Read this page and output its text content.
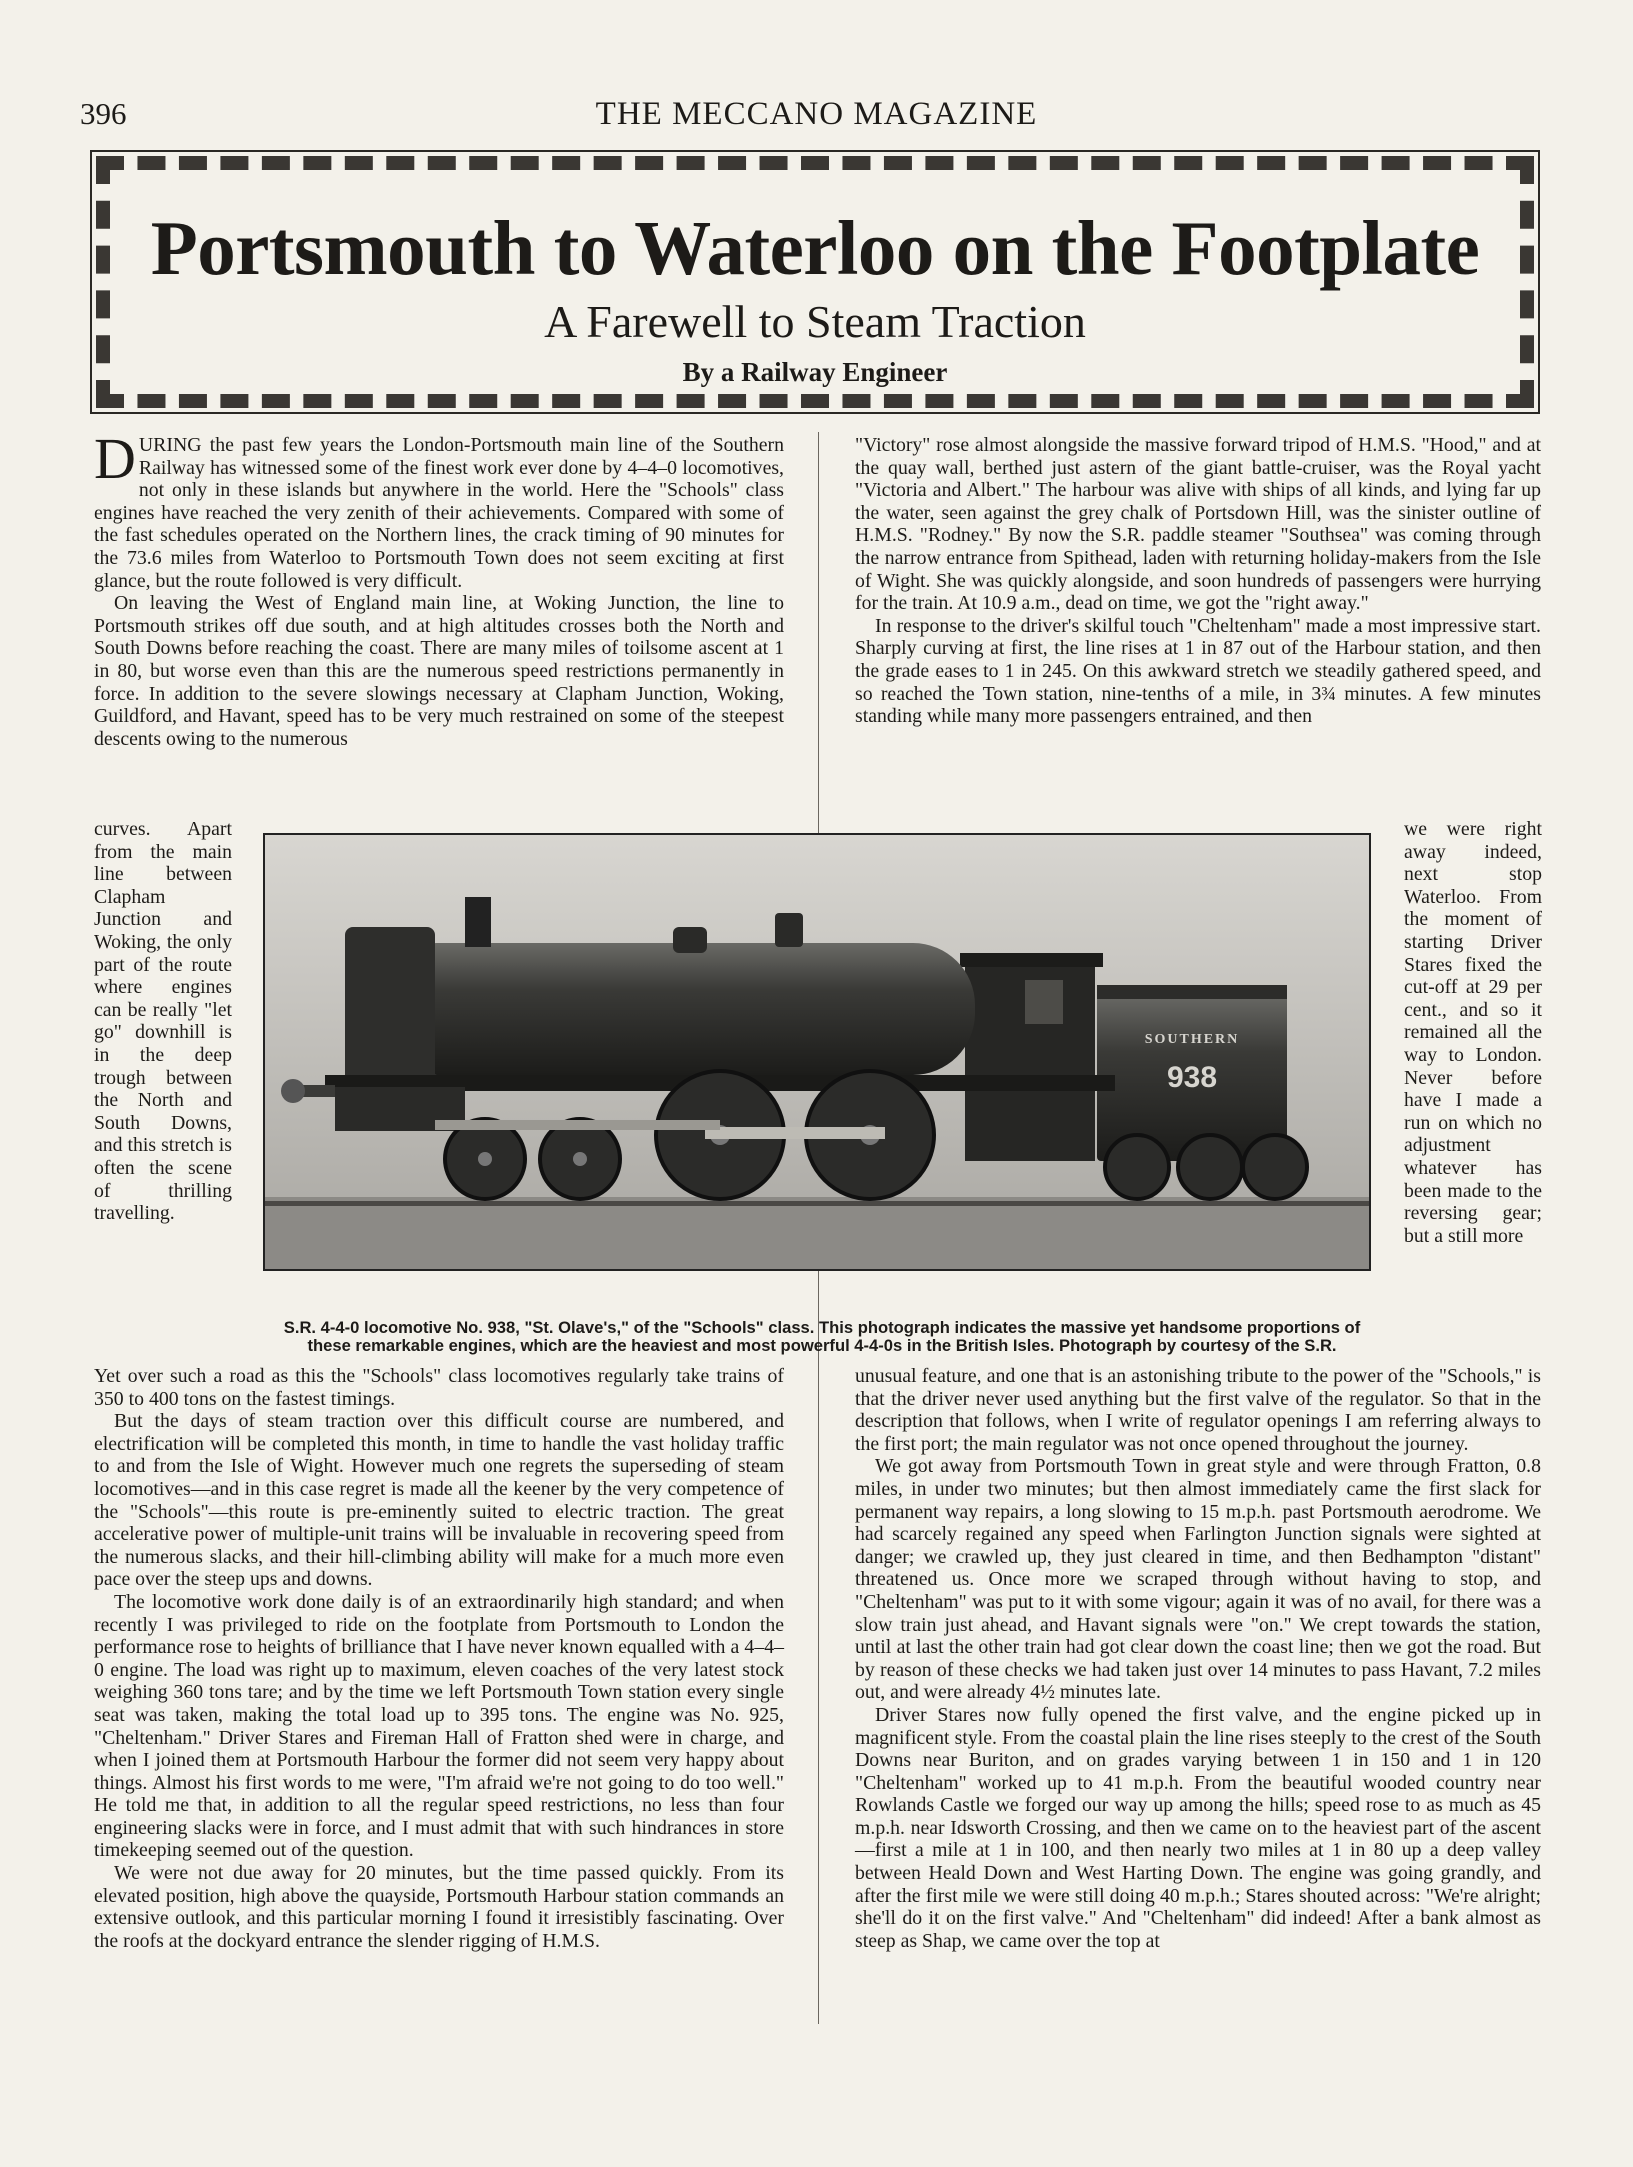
396	THE MECCANO MAGAZINE
Portsmouth to Waterloo on the Footplate
A Farewell to Steam Traction
By a Railway Engineer

DURING the past few years the London-Portsmouth main line of the Southern Railway has witnessed some of the finest work ever done by 4–4–0 locomotives, not only in these islands but anywhere in the world. Here the "Schools" class engines have reached the very zenith of their achievements. Compared with some of the fast schedules operated on the Northern lines, the crack timing of 90 minutes for the 73.6 miles from Waterloo to Portsmouth Town does not seem exciting at first glance, but the route followed is very difficult.

On leaving the West of England main line, at Woking Junction, the line to Portsmouth strikes off due south, and at high altitudes crosses both the North and South Downs before reaching the coast. There are many miles of toilsome ascent at 1 in 80, but worse even than this are the numerous speed restrictions permanently in force. In addition to the severe slowings necessary at Clapham Junction, Woking, Guildford, and Havant, speed has to be very much restrained on some of the steepest descents owing to the numerous

curves. Apart from the main line between Clapham Junction and Woking, the only part of the route where engines can be really "let go" downhill is in the deep trough between the North and South Downs, and this stretch is often the scene of thrilling travelling.

Yet over such a road as this the "Schools" class locomotives regularly take trains of 350 to 400 tons on the fastest timings.

But the days of steam traction over this difficult course are numbered, and electrification will be completed this month, in time to handle the vast holiday traffic to and from the Isle of Wight. However much one regrets the superseding of steam locomotives—and in this case regret is made all the keener by the very competence of the "Schools"—this route is pre-eminently suited to electric traction. The great accelerative power of multiple-unit trains will be invaluable in recovering speed from the numerous slacks, and their hill-climbing ability will make for a much more even pace over the steep ups and downs.

The locomotive work done daily is of an extraordinarily high standard; and when recently I was privileged to ride on the footplate from Portsmouth to London the performance rose to heights of brilliance that I have never known equalled with a 4–4–0 engine. The load was right up to maximum, eleven coaches of the very latest stock weighing 360 tons tare; and by the time we left Portsmouth Town station every single seat was taken, making the total load up to 395 tons. The engine was No. 925, "Cheltenham." Driver Stares and Fireman Hall of Fratton shed were in charge, and when I joined them at Portsmouth Harbour the former did not seem very happy about things. Almost his first words to me were, "I'm afraid we're not going to do too well." He told me that, in addition to all the regular speed restrictions, no less than four engineering slacks were in force, and I must admit that with such hindrances in store timekeeping seemed out of the question.

We were not due away for 20 minutes, but the time passed quickly. From its elevated position, high above the quayside, Portsmouth Harbour station commands an extensive outlook, and this particular morning I found it irresistibly fascinating. Over the roofs at the dockyard entrance the slender rigging of H.M.S.

"Victory" rose almost alongside the massive forward tripod of H.M.S. "Hood," and at the quay wall, berthed just astern of the giant battle-cruiser, was the Royal yacht "Victoria and Albert." The harbour was alive with ships of all kinds, and lying far up the water, seen against the grey chalk of Portsdown Hill, was the sinister outline of H.M.S. "Rodney." By now the S.R. paddle steamer "Southsea" was coming through the narrow entrance from Spithead, laden with returning holiday-makers from the Isle of Wight. She was quickly alongside, and soon hundreds of passengers were hurrying for the train. At 10.9 a.m., dead on time, we got the "right away."

In response to the driver's skilful touch "Cheltenham" made a most impressive start. Sharply curving at first, the line rises at 1 in 87 out of the Harbour station, and then the grade eases to 1 in 245. On this awkward stretch we steadily gathered speed, and so reached the Town station, nine-tenths of a mile, in 3¾ minutes. A few minutes standing while many more passengers entrained, and then

we were right away indeed, next stop Waterloo. From the moment of starting Driver Stares fixed the cut-off at 29 per cent., and so it remained all the way to London. Never before have I made a run on which no adjustment whatever has been made to the reversing gear; but a still more

unusual feature, and one that is an astonishing tribute to the power of the "Schools," is that the driver never used anything but the first valve of the regulator. So that in the description that follows, when I write of regulator openings I am referring always to the first port; the main regulator was not once opened throughout the journey.

We got away from Portsmouth Town in great style and were through Fratton, 0.8 miles, in under two minutes; but then almost immediately came the first slack for permanent way repairs, a long slowing to 15 m.p.h. past Portsmouth aerodrome. We had scarcely regained any speed when Farlington Junction signals were sighted at danger; we crawled up, they just cleared in time, and then Bedhampton "distant" threatened us. Once more we scraped through without having to stop, and "Cheltenham" was put to it with some vigour; again it was of no avail, for there was a slow train just ahead, and Havant signals were "on." We crept towards the station, until at last the other train had got clear down the coast line; then we got the road. But by reason of these checks we had taken just over 14 minutes to pass Havant, 7.2 miles out, and were already 4½ minutes late.

Driver Stares now fully opened the first valve, and the engine picked up in magnificent style. From the coastal plain the line rises steeply to the crest of the South Downs near Buriton, and on grades varying between 1 in 150 and 1 in 120 "Cheltenham" worked up to 41 m.p.h. From the beautiful wooded country near Rowlands Castle we forged our way up among the hills; speed rose to as much as 45 m.p.h. near Idsworth Crossing, and then we came on to the heaviest part of the ascent—first a mile at 1 in 100, and then nearly two miles at 1 in 80 up a deep valley between Heald Down and West Harting Down. The engine was going grandly, and after the first mile we were still doing 40 m.p.h.; Stares shouted across: "We're alright; she'll do it on the first valve." And "Cheltenham" did indeed! After a bank almost as steep as Shap, we came over the top at

SOUTHERN
938
S.R. 4-4-0 locomotive No. 938, "St. Olave's," of the "Schools" class. This photograph indicates the massive yet handsome proportions of
these remarkable engines, which are the heaviest and most powerful 4-4-0s in the British Isles. Photograph by courtesy of the S.R.
